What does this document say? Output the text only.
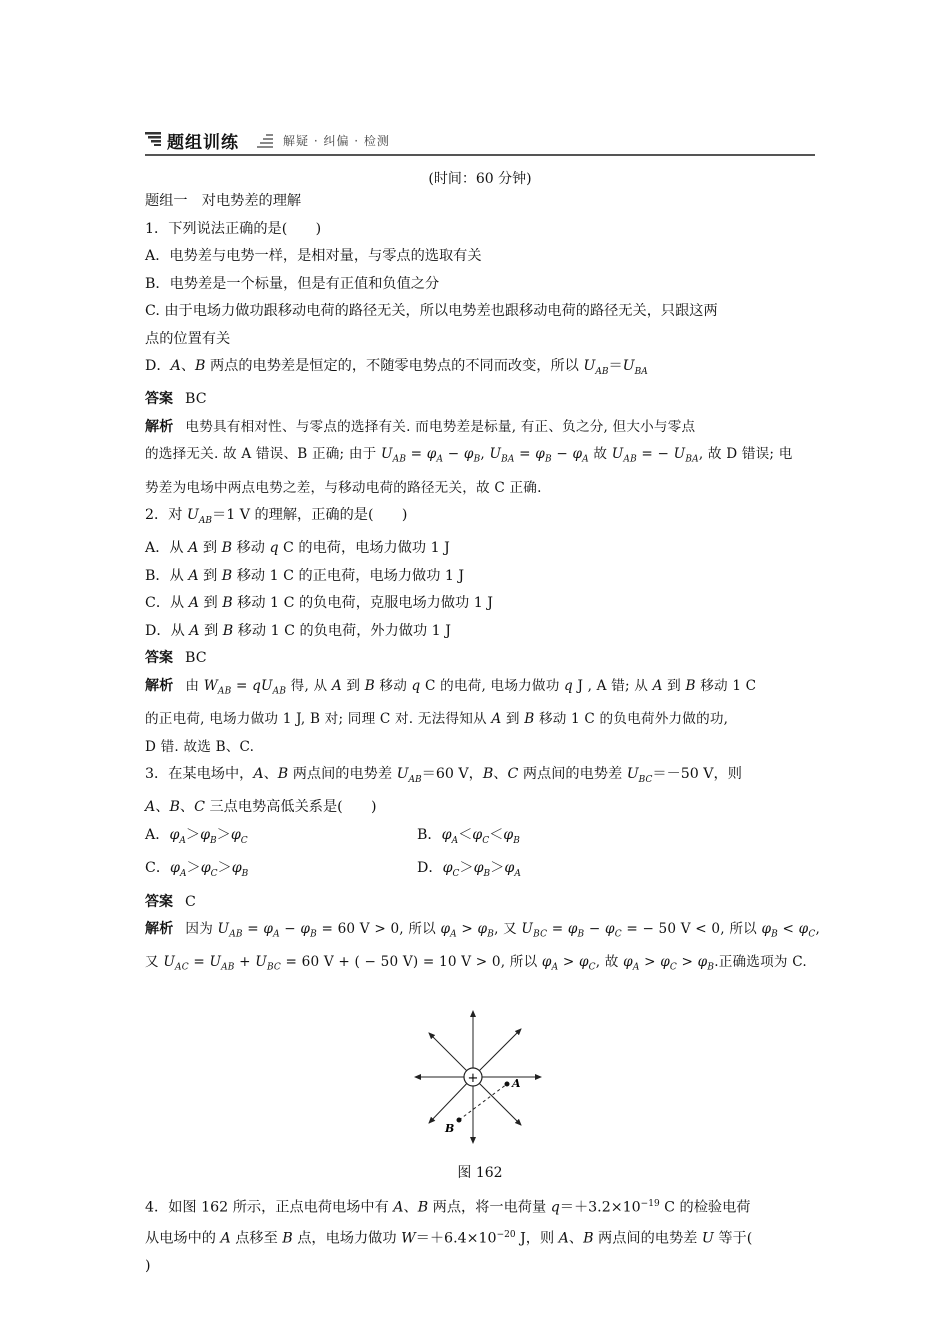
题组训练	解疑 · 纠偏 · 检测
(时间：60 分钟)
题组一　对电势差的理解
1．下列说法正确的是(　　)
A．电势差与电势一样，是相对量，与零点的选取有关
B．电势差是一个标量，但是有正值和负值之分
C. 由于电场力做功跟移动电荷的路径无关，所以电势差也跟移动电荷的路径无关，只跟这两
点的位置有关
D．A、B 两点的电势差是恒定的，不随零电势点的不同而改变，所以 $U_{AB}=U_{BA}$
答案 BC
解析 电势具有相对性、与零点的选择有关. 而电势差是标量, 有正、负之分, 但大小与零点
的选择无关. 故 A 错误、B 正确; 由于 $U_{AB} = \varphi_A - \varphi_B$, $U_{BA} = \varphi_B - \varphi_A$ 故 $U_{AB}$ = − $U_{BA}$, 故 D 错误; 电
势差为电场中两点电势之差，与移动电荷的路径无关，故 C 正确.
2．对 $U_{AB}=1$ V 的理解，正确的是(　　)
A．从 A 到 B 移动 q C 的电荷，电场力做功 1 J
B．从 A 到 B 移动 1 C 的正电荷，电场力做功 1 J
C．从 A 到 B 移动 1 C 的负电荷，克服电场力做功 1 J
D．从 A 到 B 移动 1 C 的负电荷，外力做功 1 J
答案 BC
解析 由 $W_{AB} = qU_{AB}$ 得, 从 A 到 B 移动 q C 的电荷, 电场力做功 q J , A 错; 从 A 到 B 移动 1 C
的正电荷, 电场力做功 1 J, B 对; 同理 C 对. 无法得知从 A 到 B 移动 1 C 的负电荷外力做的功,
D 错. 故选 B、C.
3．在某电场中，A、B 两点间的电势差 $U_{AB}=60$ V，B、C 两点间的电势差 $U_{BC}=-50$ V，则
A、B、C 三点电势高低关系是(　　)
A．$\varphi_A>\varphi_B>\varphi_C$	B．$\varphi_A<\varphi_C<\varphi_B$
C．$\varphi_A>\varphi_C>\varphi_B$	D．$\varphi_C>\varphi_B>\varphi_A$
答案 C
解析 因为 $U_{AB} = \varphi_A - \varphi_B = 60$ V > 0, 所以 $\varphi_A > \varphi_B$, 又 $U_{BC} = \varphi_B - \varphi_C$ = − 50 V < 0, 所以 $\varphi_B < \varphi_C$,
又 $U_{AC} = U_{AB} + U_{BC} = 60$ V + ( − 50 V) = 10 V > 0, 所以 $\varphi_A > \varphi_C$, 故 $\varphi_A > \varphi_C > \varphi_B$.正确选项为 C.
+	A
B
图 162
4．如图 162 所示，正点电荷电场中有 A、B 两点，将一电荷量 $q=+3.2\times 10^{-19}$ C 的检验电荷
从电场中的 A 点移至 B 点，电场力做功 $W=+6.4\times 10^{-20}$ J，则 A、B 两点间的电势差 U 等于(
)
